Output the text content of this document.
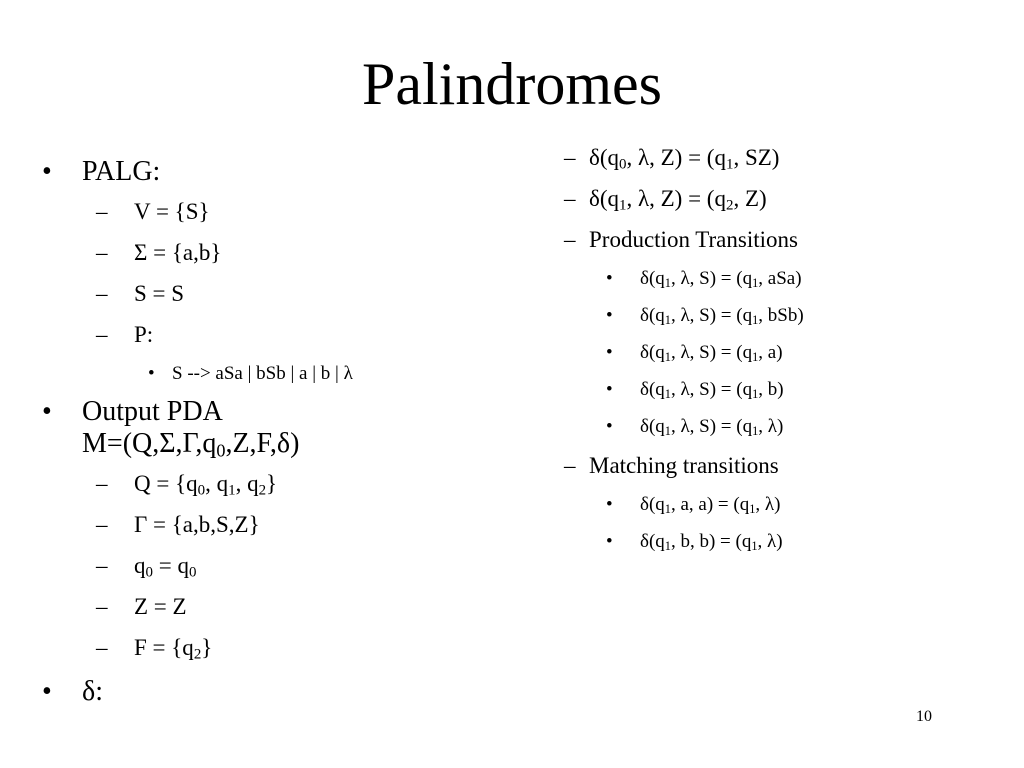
Palindromes
• PALG:
– V = {S}
– Σ = {a,b}
– S = S
– P:
• S --> aSa | bSb | a | b | λ
• Output PDA
$M=(Q,\Sigma,\Gamma,q_0,Z,F,\delta)$
– $Q = \{q_0$, $q_1$, $q_2$}
– Γ = {a,b,S,Z}
– $q_0 = q_0$
– Z = Z
– $F = \{q_2\}$
• δ:
– $\delta(q_0$, λ, $Z) = (q_1$, SZ)
– $\delta(q_1$, λ, $Z) = (q_2$, Z)
– Production Transitions
• $\delta(q_1$, λ, $S) = (q_1$, aSa)
• $\delta(q_1$, λ, $S) = (q_1$, bSb)
• $\delta(q_1$, λ, $S) = (q_1$, a)
• $\delta(q_1$, λ, $S) = (q_1$, b)
• $\delta(q_1$, λ, $S) = (q_1$, λ)
– Matching transitions
• $\delta(q_1$, a, $a) = (q_1$, λ)
• $\delta(q_1$, b, $b) = (q_1$, λ)
10
